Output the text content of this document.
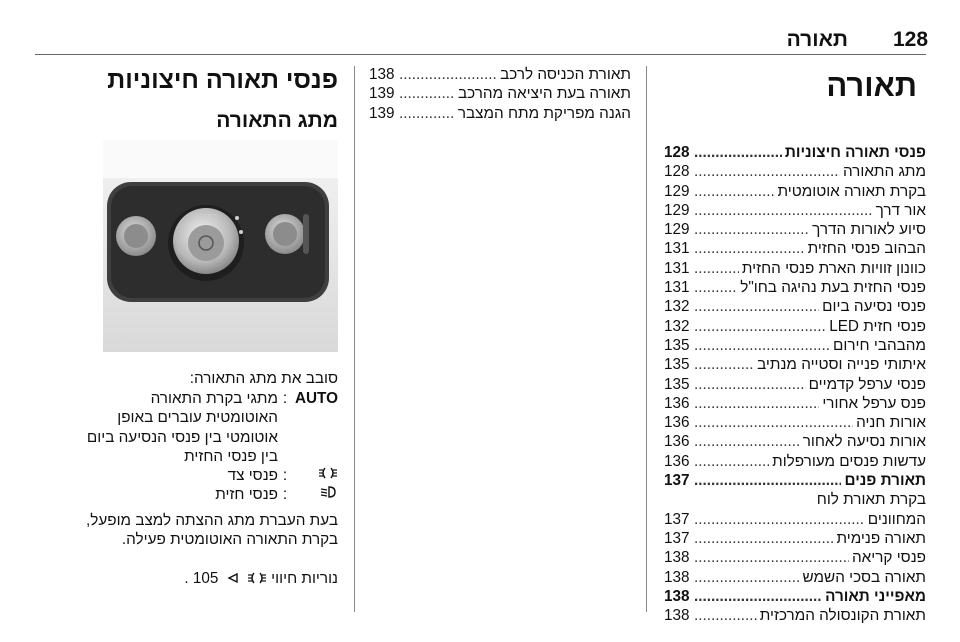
128
תאורה
תאורה
128 .....	פנסי תאורה חיצוניות
128 .....	מתג התאורה
129 .....	בקרת תאורה אוטומטית
129 .....	אור דרך
129 .....	סיוע לאורות הדרך
131 .....	הבהוב פנסי החזית
131 .....	כוונון זוויות הארת פנסי החזית
131 .....	פנסי החזית בעת נהיגה בחו"ל
132 .....	פנסי נסיעה ביום
132 .....	פנסי חזית LED
135 .....	מהבהבי חירום
135 .....	איתותי פנייה וסטייה מנתיב
135 .....	פנסי ערפל קדמיים
136 .....	פנס ערפל אחורי
136 .....	אורות חניה
136 .....	אורות נסיעה לאחור
136 .....	עדשות פנסים מעורפלות
137 .....	תאורת פנים
בקרת תאורת לוח
137 .....	המחוונים
137 .....	תאורה פנימית
138 .....	פנסי קריאה
138 .....	תאורה בסכי השמש
138 .....	מאפייני תאורה
138 .....	תאורת הקונסולה המרכזית
138 .....	תאורת הכניסה לרכב
139 .....	תאורה בעת היציאה מהרכב
139 .....	הגנה מפריקת מתח המצבר
פנסי תאורה חיצוניות
מתג התאורה
AUTO
סובב את מתג התאורה:
AUTO
:
מתגי בקרת התאורה
האוטומטית עוברים באופן
אוטומטי בין פנסי הנסיעה ביום
בין פנסי החזית
:
פנסי צד
:
פנסי חזית
בעת העברת מתג ההצתה למצב מופעל,
בקרת התאורה האוטומטית פעילה.
נוריות חיווי   105 .
